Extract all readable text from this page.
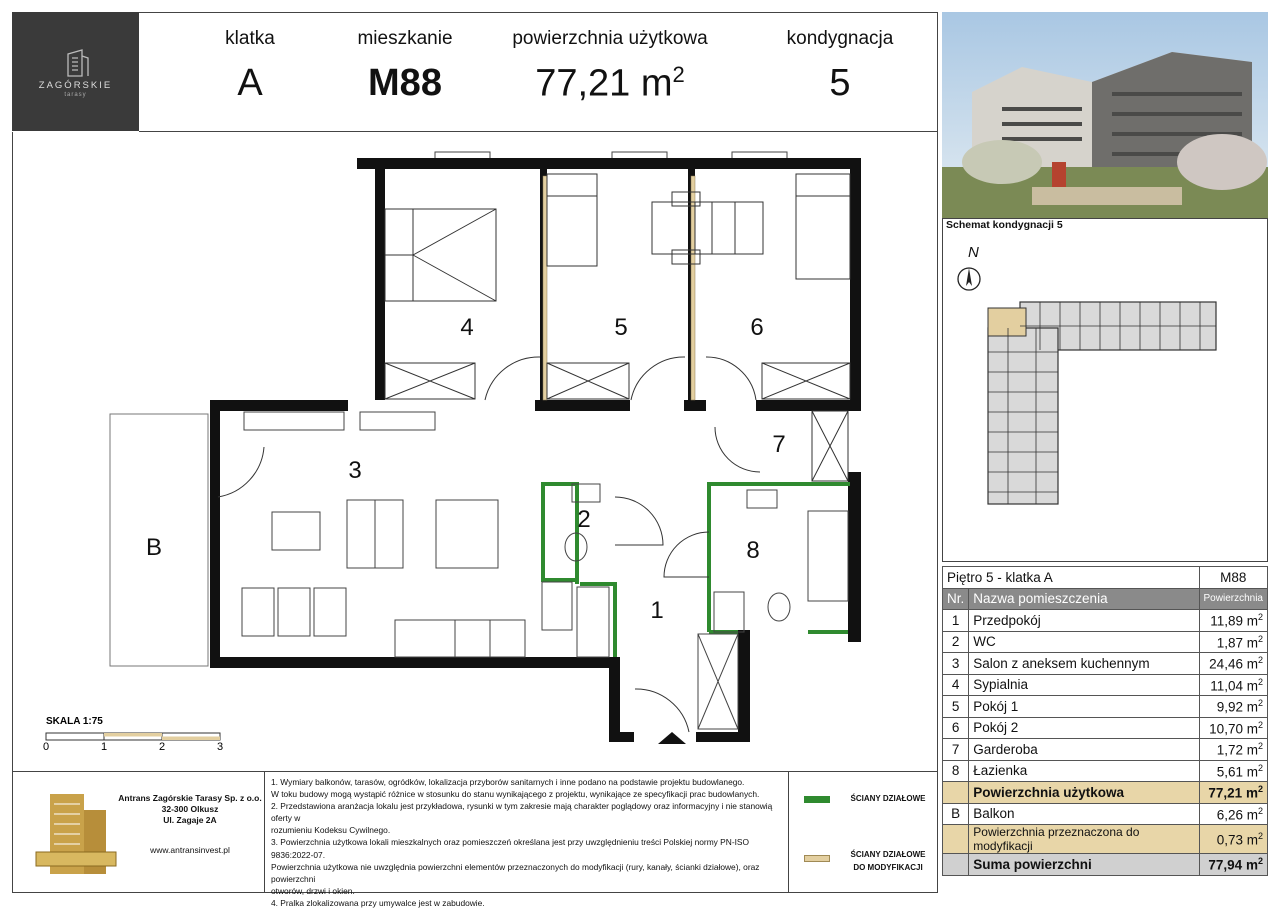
ZAGÓRSKIE
tarasy
klatka
A
mieszkanie
M88
powierzchnia użytkowa
77,21 $m^2$
kondygnacja
5
Schemat kondygnacji 5
N
4	5	6
3
7
2
8
1
B
SKALA 1:75
0	1	2	3
Piętro 5 - klatka A		M88
Nr.	Nazwa pomieszczenia	Powierzchnia
1	Przedpokój	11,89 $m^2$
2	WC	1,87 $m^2$
3	Salon z aneksem kuchennym	24,46 $m^2$
4	Sypialnia	11,04 $m^2$
5	Pokój 1	9,92 $m^2$
6	Pokój 2	10,70 $m^2$
7	Garderoba	1,72 $m^2$
8	Łazienka	5,61 $m^2$
	Powierzchnia użytkowa	77,21 $m^2$
B	Balkon	6,26 $m^2$
	Powierzchnia przeznaczona do modyfikacji	0,73 $m^2$
	Suma powierzchni	77,94 $m^2$
Antrans Zagórskie Tarasy Sp. z o.o.
32-300 Olkusz
Ul. Zagaje 2A
www.antransinvest.pl
1. Wymiary balkonów, tarasów, ogródków, lokalizacja przyborów sanitarnych i inne podano na podstawie projektu budowlanego.
W toku budowy mogą wystąpić różnice w stosunku do stanu wynikającego z projektu, wynikające ze specyfikacji prac budowlanych.
2. Przedstawiona aranżacja lokalu jest przykładowa, rysunki w tym zakresie mają charakter poglądowy oraz informacyjny i nie stanowią oferty w
rozumieniu Kodeksu Cywilnego.
3. Powierzchnia użytkowa lokali mieszkalnych oraz pomieszczeń określana jest przy uwzględnieniu treści Polskiej normy PN-ISO 9836:2022-07.
Powierzchnia użytkowa nie uwzględnia powierzchni elementów przeznaczonych do modyfikacji (rury, kanały, ścianki działowe), oraz powierzchni
otworów, drzwi i okien.
4. Pralka zlokalizowana przy umywalce jest w zabudowie.
ŚCIANY DZIAŁOWE
ŚCIANY DZIAŁOWE
DO MODYFIKACJI
